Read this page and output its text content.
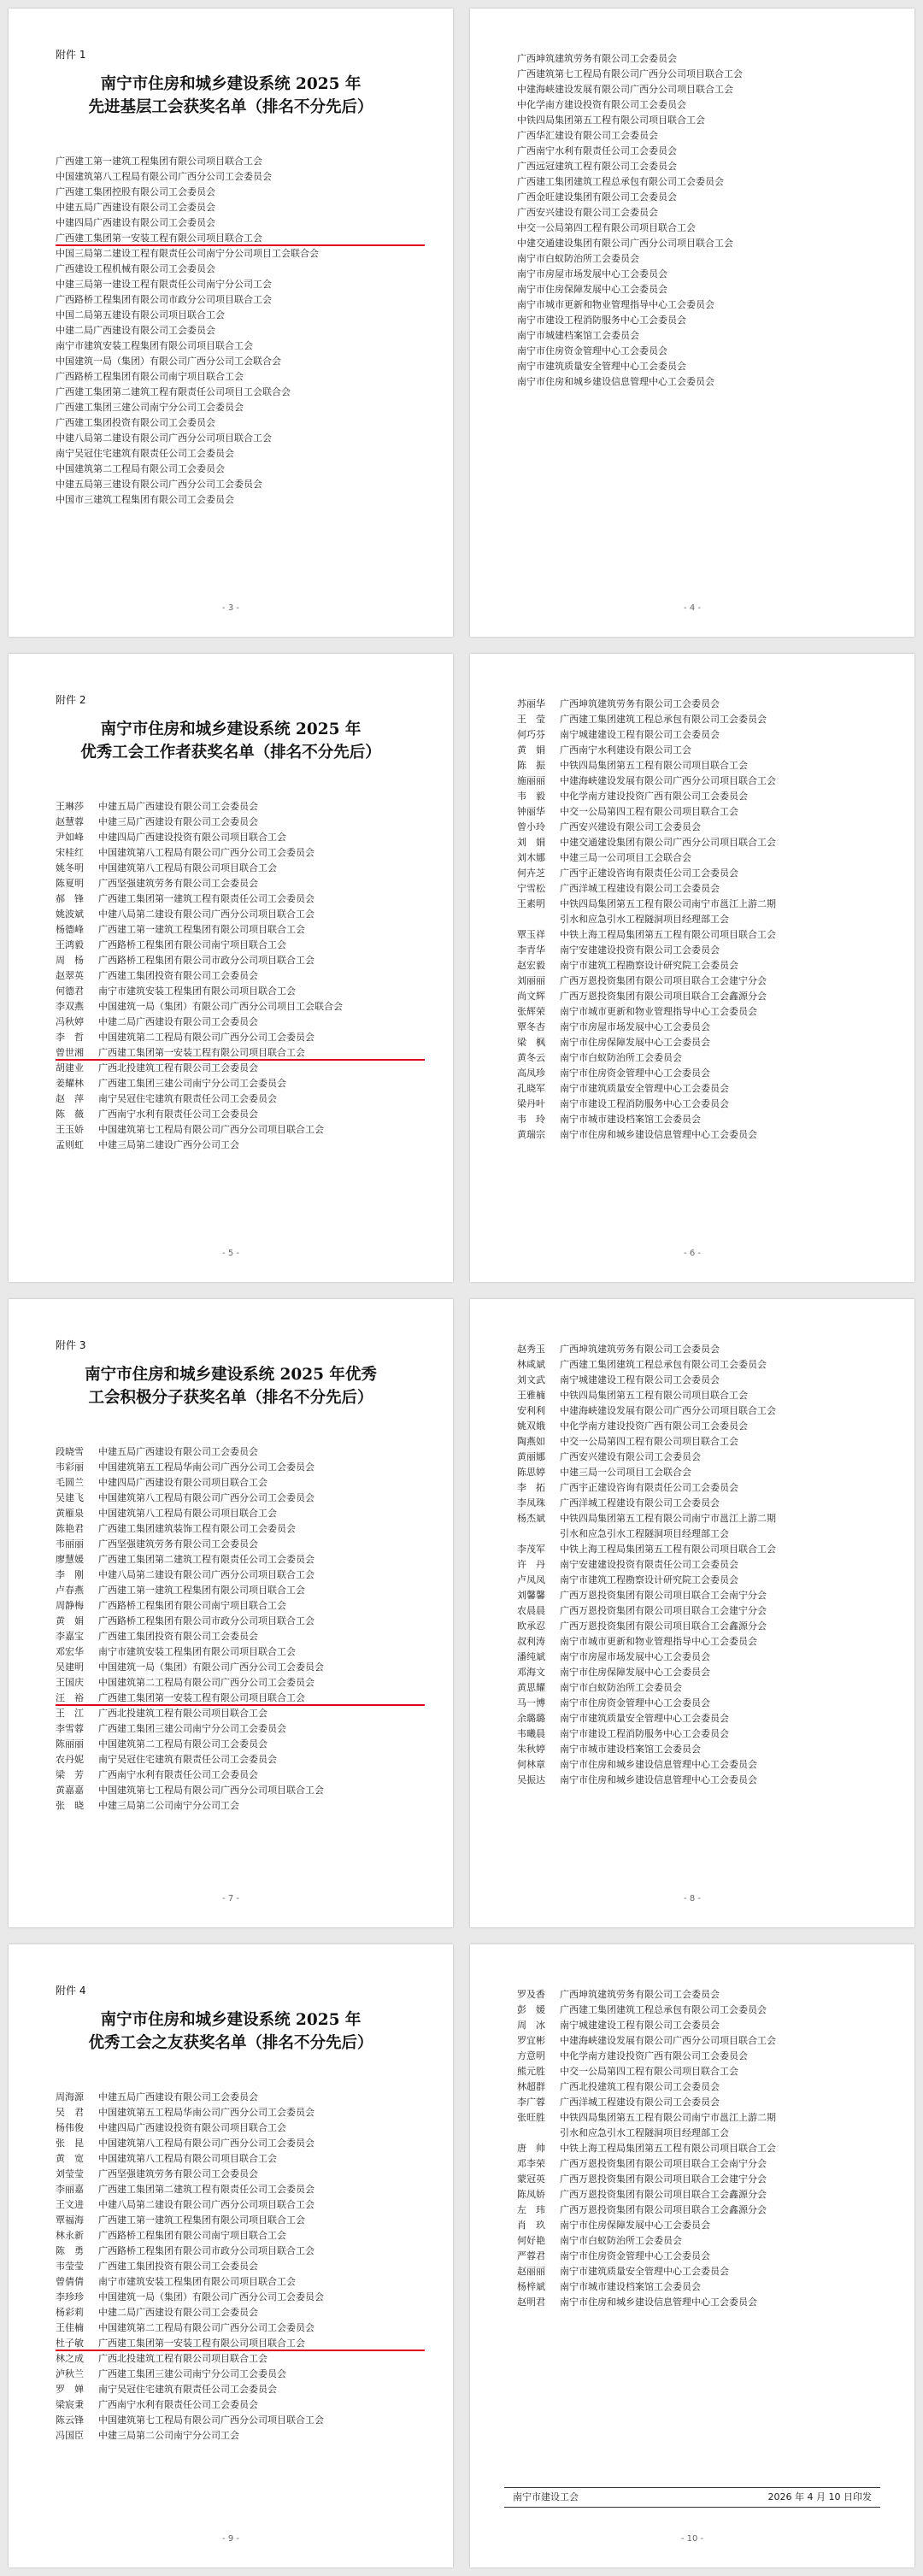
附件 1
南宁市住房和城乡建设系统 2025 年
先进基层工会获奖名单（排名不分先后）
广西建工第一建筑工程集团有限公司项目联合工会
中国建筑第八工程局有限公司广西分公司工会委员会
广西建工集团控股有限公司工会委员会
中建五局广西建设有限公司工会委员会
中建四局广西建设有限公司工会委员会
广西建工集团第一安装工程有限公司项目联合工会
中国三局第二建设工程有限责任公司南宁分公司项目工会联合会
广西建设工程机械有限公司工会委员会
中建三局第一建设工程有限责任公司南宁分公司工会
广西路桥工程集团有限公司市政分公司项目联合工会
中国二局第五建设有限公司项目联合工会
中建二局广西建设有限公司工会委员会
南宁市建筑安装工程集团有限公司项目联合工会
中国建筑一局（集团）有限公司广西分公司工会联合会
广西路桥工程集团有限公司南宁项目联合工会
广西建工集团第二建筑工程有限责任公司项目工会联合会
广西建工集团三建公司南宁分公司工会委员会
广西建工集团投资有限公司工会委员会
中建八局第二建设有限公司广西分公司项目联合工会
南宁吴冠住宅建筑有限责任公司工会委员会
中国建筑第二工程局有限公司工会委员会
中建五局第三建设有限公司广西分公司工会委员会
中国市三建筑工程集团有限公司工会委员会
- 3 -
广西坤筑建筑劳务有限公司工会委员会
广西建筑第七工程局有限公司广西分公司项目联合工会
中建海峡建设发展有限公司广西分公司项目联合工会
中化学南方建设投资有限公司工会委员会
中铁四局集团第五工程有限公司项目联合工会
广西华汇建设有限公司工会委员会
广西南宁水利有限责任公司工会委员会
广西远冠建筑工程有限公司工会委员会
广西建工集团建筑工程总承包有限公司工会委员会
广西金旺建设集团有限公司工会委员会
广西安兴建设有限公司工会委员会
中交一公局第四工程有限公司项目联合工会
中建交通建设集团有限公司广西分公司项目联合工会
南宁市白蚁防治所工会委员会
南宁市房屋市场发展中心工会委员会
南宁市住房保障发展中心工会委员会
南宁市城市更新和物业管理指导中心工会委员会
南宁市建设工程消防服务中心工会委员会
南宁市城建档案馆工会委员会
南宁市住房资金管理中心工会委员会
南宁市建筑质量安全管理中心工会委员会
南宁市住房和城乡建设信息管理中心工会委员会
- 4 -
附件 2
南宁市住房和城乡建设系统 2025 年
优秀工会工作者获奖名单（排名不分先后）
王琳莎 中建五局广西建设有限公司工会委员会
赵慧蓉 中建三局广西建设有限公司工会委员会
尹如峰 中建四局广西建设投资有限公司项目联合工会
宋桂红 中国建筑第八工程局有限公司广西分公司工会委员会
姚冬明 中国建筑第八工程局有限公司项目联合工会
陈夏明 广西坚强建筑劳务有限公司工会委员会
郝　锋 广西建工集团第一建筑工程有限责任公司工会委员会
姚波斌 中建八局第二建设有限公司广西分公司项目联合工会
杨德峰 广西建工第一建筑工程集团有限公司项目联合工会
王鸿毅 广西路桥工程集团有限公司南宁项目联合工会
周　杨 广西路桥工程集团有限公司市政分公司项目联合工会
赵翠英 广西建工集团投资有限公司工会委员会
何德君 南宁市建筑安装工程集团有限公司项目联合工会
李双燕 中国建筑一局（集团）有限公司广西分公司项目工会联合会
冯秋婷 中建二局广西建设有限公司工会委员会
李　哲 中国建筑第二工程局有限公司广西分公司工会委员会
曾世湘 广西建工集团第一安装工程有限公司项目联合工会
胡建业 广西北投建筑工程有限公司工会委员会
姜耀林 广西建工集团三建公司南宁分公司工会委员会
赵　萍 南宁吴冠住宅建筑有限责任公司工会委员会
陈　薇 广西南宁水利有限责任公司工会委员会
王玉娇 中国建筑第七工程局有限公司广西分公司项目联合工会
孟则虹 中建三局第二建设广西分公司工会
- 5 -
苏丽华 广西坤筑建筑劳务有限公司工会委员会
王　莹 广西建工集团建筑工程总承包有限公司工会委员会
何巧芬 南宁城建建设工程有限公司工会委员会
黄　娟 广西南宁水利建设有限公司工会
陈　振 中铁四局集团第五工程有限公司项目联合工会
施丽丽 中建海峡建设发展有限公司广西分公司项目联合工会
韦　毅 中化学南方建设投资广西有限公司工会委员会
钟丽华 中交一公局第四工程有限公司项目联合工会
曾小玲 广西安兴建设有限公司工会委员会
刘　娟 中建交通建设集团有限公司广西分公司项目联合工会
刘木娜 中建三局一公司项目工会联合会
何卉芝 广西宇正建设咨询有限责任公司工会委员会
宁雪松 广西洋城工程建设有限公司工会委员会
王素明 中铁四局集团第五工程有限公司南宁市邕江上游二期
引水和应急引水工程隧洞项目经理部工会
覃玉祥 中铁上海工程局集团第五工程有限公司项目联合工会
李青华 南宁安建建设投资有限公司工会委员会
赵宏毅 南宁市建筑工程勘察设计研究院工会委员会
刘丽丽 广西万恩投资集团有限公司项目联合工会建宁分会
尚文辉 广西万恩投资集团有限公司项目联合工会鑫源分会
张辉荣 南宁市城市更新和物业管理指导中心工会委员会
覃冬杏 南宁市房屋市场发展中心工会委员会
梁　枫 南宁市住房保障发展中心工会委员会
黄冬云 南宁市白蚁防治所工会委员会
高凤珍 南宁市住房资金管理中心工会委员会
孔晓军 南宁市建筑质量安全管理中心工会委员会
梁丹叶 南宁市建设工程消防服务中心工会委员会
韦　玲 南宁市城市建设档案馆工会委员会
黄瑞宗 南宁市住房和城乡建设信息管理中心工会委员会
- 6 -
附件 3
南宁市住房和城乡建设系统 2025 年优秀
工会积极分子获奖名单（排名不分先后）
段晓雪 中建五局广西建设有限公司工会委员会
韦彩丽 中国建筑第五工程局华南公司广西分公司工会委员会
毛圆兰 中建四局广西建设有限公司项目联合工会
吴建飞 中国建筑第八工程局有限公司广西分公司工会委员会
黄雁泉 中国建筑第八工程局有限公司项目联合工会
陈艳君 广西建工集团建筑装饰工程有限公司工会委员会
韦丽丽 广西坚强建筑劳务有限公司工会委员会
廖慧媛 广西建工集团第二建筑工程有限责任公司工会委员会
李　刚 中建八局第二建设有限公司广西分公司项目联合工会
卢春燕 广西建工第一建筑工程集团有限公司项目联合工会
周静梅 广西路桥工程集团有限公司南宁项目联合工会
黄　娟 广西路桥工程集团有限公司市政分公司项目联合工会
李嘉宝 广西建工集团投资有限公司工会委员会
邓宏华 南宁市建筑安装工程集团有限公司项目联合工会
吴建明 中国建筑一局（集团）有限公司广西分公司工会委员会
王国庆 中国建筑第二工程局有限公司广西分公司工会委员会
汪　裕 广西建工集团第一安装工程有限公司项目联合工会
王　江 广西北投建筑工程有限公司项目联合工会
李雪蓉 广西建工集团三建公司南宁分公司工会委员会
陈丽丽 中国建筑第二工程局有限公司工会委员会
农丹妮 南宁吴冠住宅建筑有限责任公司工会委员会
梁　芳 广西南宁水利有限责任公司工会委员会
黄嘉嘉 中国建筑第七工程局有限公司广西分公司项目联合工会
张　晓 中建三局第二公司南宁分公司工会
- 7 -
赵秀玉 广西坤筑建筑劳务有限公司工会委员会
林咸斌 广西建工集团建筑工程总承包有限公司工会委员会
刘文武 南宁城建建设工程有限公司工会委员会
王雅楠 中铁四局集团第五工程有限公司项目联合工会
安利利 中建海峡建设发展有限公司广西分公司项目联合工会
姚双娥 中化学南方建设投资广西有限公司工会委员会
陶燕如 中交一公局第四工程有限公司项目联合工会
黄丽娜 广西安兴建设有限公司工会委员会
陈思婷 中建三局一公司项目工会联合会
李　拓 广西宇正建设咨询有限责任公司工会委员会
李凤珠 广西洋城工程建设有限公司工会委员会
杨杰斌 中铁四局集团第五工程有限公司南宁市邕江上游二期
引水和应急引水工程隧洞项目经理部工会
李茂军 中铁上海工程局集团第五工程有限公司项目联合工会
许　丹 南宁安建建设投资有限责任公司工会委员会
卢凤凤 南宁市建筑工程勘察设计研究院工会委员会
刘馨馨 广西万恩投资集团有限公司项目联合工会南宁分会
农晨晨 广西万恩投资集团有限公司项目联合工会建宁分会
欧承忍 广西万恩投资集团有限公司项目联合工会鑫源分会
叔利涛 南宁市城市更新和物业管理指导中心工会委员会
潘纯斌 南宁市房屋市场发展中心工会委员会
邓海文 南宁市住房保障发展中心工会委员会
黄思耀 南宁市白蚁防治所工会委员会
马一博 南宁市住房资金管理中心工会委员会
余璐璐 南宁市建筑质量安全管理中心工会委员会
韦曦晨 南宁市建设工程消防服务中心工会委员会
朱秋婷 南宁市城市建设档案馆工会委员会
何林章 南宁市住房和城乡建设信息管理中心工会委员会
吴振达 南宁市住房和城乡建设信息管理中心工会委员会
- 8 -
附件 4
南宁市住房和城乡建设系统 2025 年
优秀工会之友获奖名单（排名不分先后）
周海源 中建五局广西建设有限公司工会委员会
吴　君 中国建筑第五工程局华南公司广西分公司工会委员会
杨伟俊 中建四局广西建设投资有限公司项目联合工会
张　昆 中国建筑第八工程局有限公司广西分公司工会委员会
黄　宽 中国建筑第八工程局有限公司项目联合工会
刘莹莹 广西坚强建筑劳务有限公司工会委员会
李丽嘉 广西建工集团第二建筑工程有限责任公司工会委员会
王文进 中建八局第二建设有限公司广西分公司项目联合工会
覃福海 广西建工第一建筑工程集团有限公司项目联合工会
林永新 广西路桥工程集团有限公司南宁项目联合工会
陈　勇 广西路桥工程集团有限公司市政分公司项目联合工会
韦莹莹 广西建工集团投资有限公司工会委员会
曾倩倩 南宁市建筑安装工程集团有限公司项目联合工会
李珍珍 中国建筑一局（集团）有限公司广西分公司工会委员会
杨彩莉 中建二局广西建设有限公司工会委员会
王佳楠 中国建筑第二工程局有限公司广西分公司工会委员会
杜子敏 广西建工集团第一安装工程有限公司项目联合工会
林之成 广西北投建筑工程有限公司项目联合工会
泸秋兰 广西建工集团三建公司南宁分公司工会委员会
罗　婵 南宁吴冠住宅建筑有限责任公司工会委员会
梁宸秉 广西南宁水利有限责任公司工会委员会
陈云锋 中国建筑第七工程局有限公司广西分公司项目联合工会
冯国臣 中建三局第二公司南宁分公司工会
- 9 -
罗及香 广西坤筑建筑劳务有限公司工会委员会
彭　媛 广西建工集团建筑工程总承包有限公司工会委员会
周　冰 南宁城建建设工程有限公司工会委员会
罗宜彬 中建海峡建设发展有限公司广西分公司项目联合工会
方意明 中化学南方建设投资广西有限公司工会委员会
熊元胜 中交一公局第四工程有限公司项目联合工会
林超群 广西北投建筑工程有限公司工会委员会
李广蓉 广西洋城工程建设有限公司工会委员会
张旺胜 中铁四局集团第五工程有限公司南宁市邕江上游二期
引水和应急引水工程隧洞项目经理部工会
唐　帅 中铁上海工程局集团第五工程有限公司项目联合工会
邓李荣 广西万恩投资集团有限公司项目联合工会南宁分会
蒙冠英 广西万恩投资集团有限公司项目联合工会建宁分会
陈凤娇 广西万恩投资集团有限公司项目联合工会鑫源分会
左　玮 广西万恩投资集团有限公司项目联合工会鑫源分会
肖　玖 南宁市住房保障发展中心工会委员会
何好艳 南宁市白蚁防治所工会委员会
严蓉君 南宁市住房资金管理中心工会委员会
赵丽丽 南宁市建筑质量安全管理中心工会委员会
杨梓斌 南宁市城市建设档案馆工会委员会
赵明君 南宁市住房和城乡建设信息管理中心工会委员会
南宁市建设工会	2026 年 4 月 10 日印发
- 10 -
